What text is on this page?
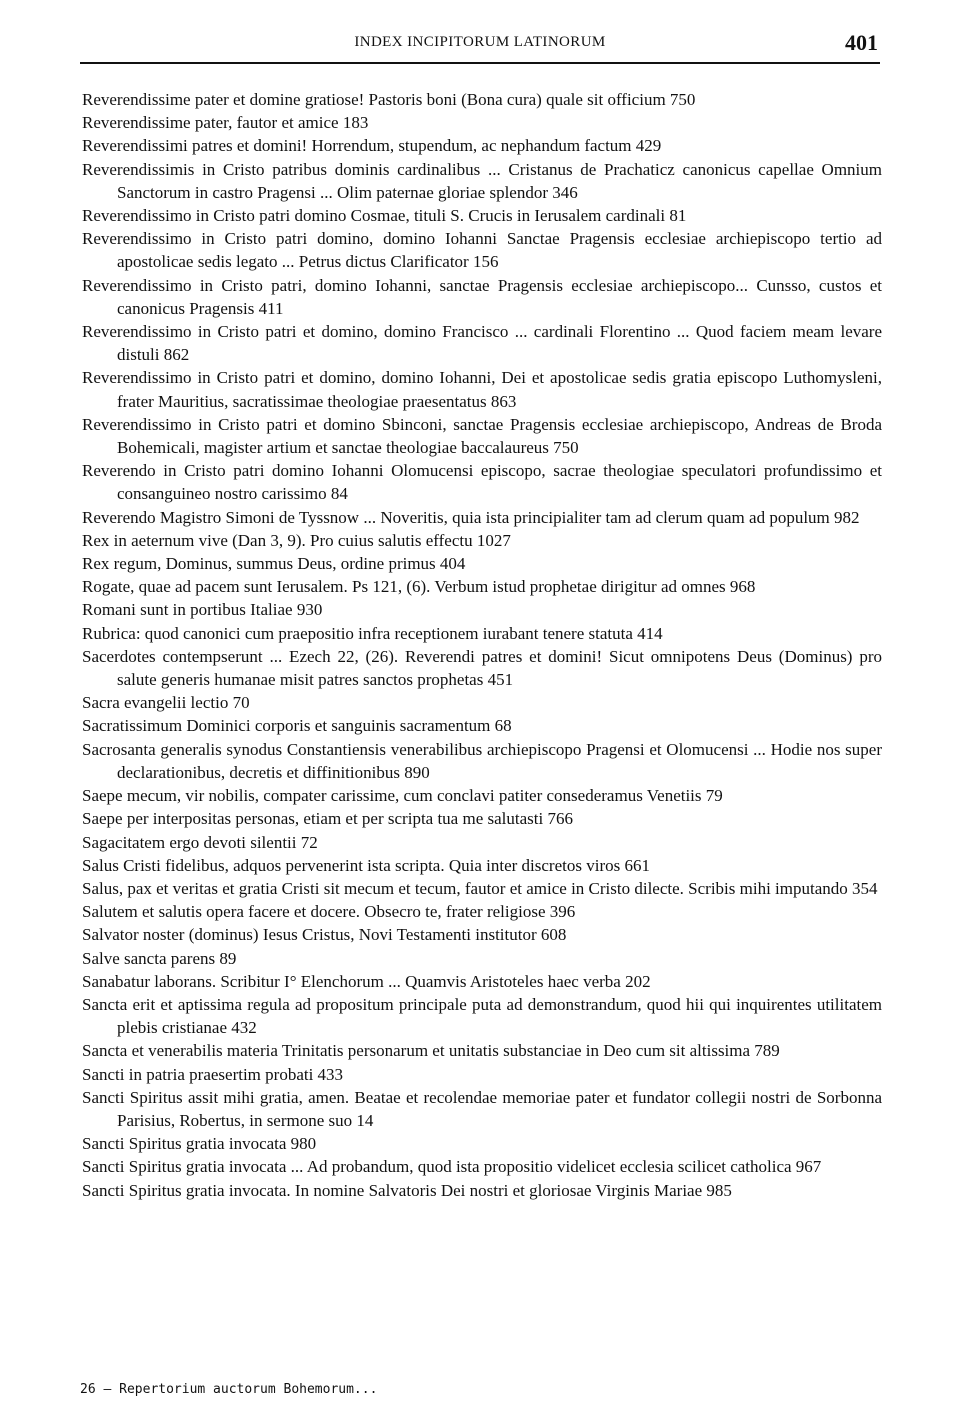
INDEX INCIPITORUM LATINORUM	401
Reverendissime pater et domine gratiose! Pastoris boni (Bona cura) quale sit officium 750
Reverendissime pater, fautor et amice 183
Reverendissimi patres et domini! Horrendum, stupendum, ac nephandum factum 429
Reverendissimis in Cristo patribus dominis cardinalibus ... Cristanus de Prachaticz canonicus capellae Omnium Sanctorum in castro Pragensi ... Olim paternae gloriae splendor 346
Reverendissimo in Cristo patri domino Cosmae, tituli S. Crucis in Ierusalem cardinali 81
Reverendissimo in Cristo patri domino, domino Iohanni Sanctae Pragensis ecclesiae archiepiscopo tertio ad apostolicae sedis legato ... Petrus dictus Clarificator 156
Reverendissimo in Cristo patri, domino Iohanni, sanctae Pragensis ecclesiae archiepiscopo... Cunsso, custos et canonicus Pragensis 411
Reverendissimo in Cristo patri et domino, domino Francisco ... cardinali Florentino ... Quod faciem meam levare distuli 862
Reverendissimo in Cristo patri et domino, domino Iohanni, Dei et apostolicae sedis gratia episcopo Luthomysleni, frater Mauritius, sacratissimae theologiae praesentatus 863
Reverendissimo in Cristo patri et domino Sbinconi, sanctae Pragensis ecclesiae archiepiscopo, Andreas de Broda Bohemicali, magister artium et sanctae theologiae baccalaureus 750
Reverendo in Cristo patri domino Iohanni Olomucensi episcopo, sacrae theologiae speculatori profundissimo et consanguineo nostro carissimo 84
Reverendo Magistro Simoni de Tyssnow ... Noveritis, quia ista principialiter tam ad clerum quam ad populum 982
Rex in aeternum vive (Dan 3, 9). Pro cuius salutis effectu 1027
Rex regum, Dominus, summus Deus, ordine primus 404
Rogate, quae ad pacem sunt Ierusalem. Ps 121, (6). Verbum istud prophetae dirigitur ad omnes 968
Romani sunt in portibus Italiae 930
Rubrica: quod canonici cum praepositio infra receptionem iurabant tenere statuta 414
Sacerdotes contempserunt ... Ezech 22, (26). Reverendi patres et domini! Sicut omnipotens Deus (Dominus) pro salute generis humanae misit patres sanctos prophetas 451
Sacra evangelii lectio 70
Sacratissimum Dominici corporis et sanguinis sacramentum 68
Sacrosanta generalis synodus Constantiensis venerabilibus archiepiscopo Pragensi et Olomucensi ... Hodie nos super declarationibus, decretis et diffinitionibus 890
Saepe mecum, vir nobilis, compater carissime, cum conclavi patiter consederamus Venetiis 79
Saepe per interpositas personas, etiam et per scripta tua me salutasti 766
Sagacitatem ergo devoti silentii 72
Salus Cristi fidelibus, adquos pervenerint ista scripta. Quia inter discretos viros 661
Salus, pax et veritas et gratia Cristi sit mecum et tecum, fautor et amice in Cristo dilecte. Scribis mihi imputando 354
Salutem et salutis opera facere et docere. Obsecro te, frater religiose 396
Salvator noster (dominus) Iesus Cristus, Novi Testamenti institutor 608
Salve sancta parens 89
Sanabatur laborans. Scribitur I° Elenchorum ... Quamvis Aristoteles haec verba 202
Sancta erit et aptissima regula ad propositum principale puta ad demonstrandum, quod hii qui inquirentes utilitatem plebis cristianae 432
Sancta et venerabilis materia Trinitatis personarum et unitatis substanciae in Deo cum sit altissima 789
Sancti in patria praesertim probati 433
Sancti Spiritus assit mihi gratia, amen. Beatae et recolendae memoriae pater et fundator collegii nostri de Sorbonna Parisius, Robertus, in sermone suo 14
Sancti Spiritus gratia invocata 980
Sancti Spiritus gratia invocata ... Ad probandum, quod ista propositio videlicet ecclesia scilicet catholica 967
Sancti Spiritus gratia invocata. In nomine Salvatoris Dei nostri et gloriosae Virginis Mariae 985
26 — Repertorium auctorum Bohemorum...
